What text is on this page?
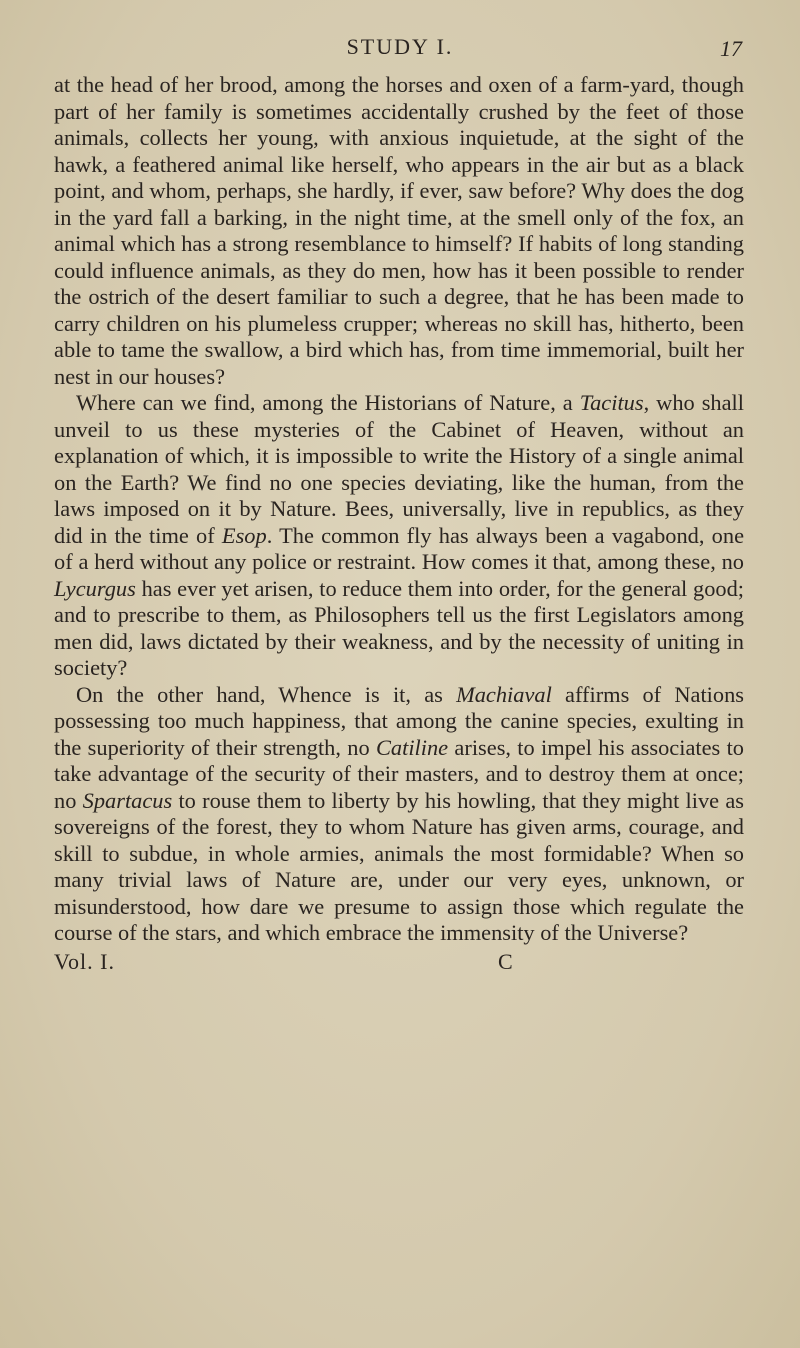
STUDY I.	17

at the head of her brood, among the horses and oxen of a farm-yard, though part of her family is sometimes accidentally crushed by the feet of those animals, collects her young, with anxious inquietude, at the sight of the hawk, a feathered animal like herself, who appears in the air but as a black point, and whom, perhaps, she hardly, if ever, saw before? Why does the dog in the yard fall a barking, in the night time, at the smell only of the fox, an animal which has a strong resemblance to himself? If habits of long standing could influence animals, as they do men, how has it been possible to render the ostrich of the desert familiar to such a degree, that he has been made to carry children on his plumeless crupper; whereas no skill has, hitherto, been able to tame the swallow, a bird which has, from time immemorial, built her nest in our houses?

Where can we find, among the Historians of Nature, a Tacitus, who shall unveil to us these mysteries of the Cabinet of Heaven, without an explanation of which, it is impossible to write the History of a single animal on the Earth? We find no one species deviating, like the human, from the laws imposed on it by Nature. Bees, universally, live in republics, as they did in the time of Esop. The common fly has always been a vagabond, one of a herd without any police or restraint. How comes it that, among these, no Lycurgus has ever yet arisen, to reduce them into order, for the general good; and to prescribe to them, as Philosophers tell us the first Legislators among men did, laws dictated by their weakness, and by the necessity of uniting in society?

On the other hand, Whence is it, as Machiaval affirms of Nations possessing too much happiness, that among the canine species, exulting in the superiority of their strength, no Catiline arises, to impel his associates to take advantage of the security of their masters, and to destroy them at once; no Spartacus to rouse them to liberty by his howling, that they might live as sovereigns of the forest, they to whom Nature has given arms, courage, and skill to subdue, in whole armies, animals the most formidable? When so many trivial laws of Nature are, under our very eyes, unknown, or misunderstood, how dare we presume to assign those which regulate the course of the stars, and which embrace the immensity of the Universe?

Vol. I.	C
